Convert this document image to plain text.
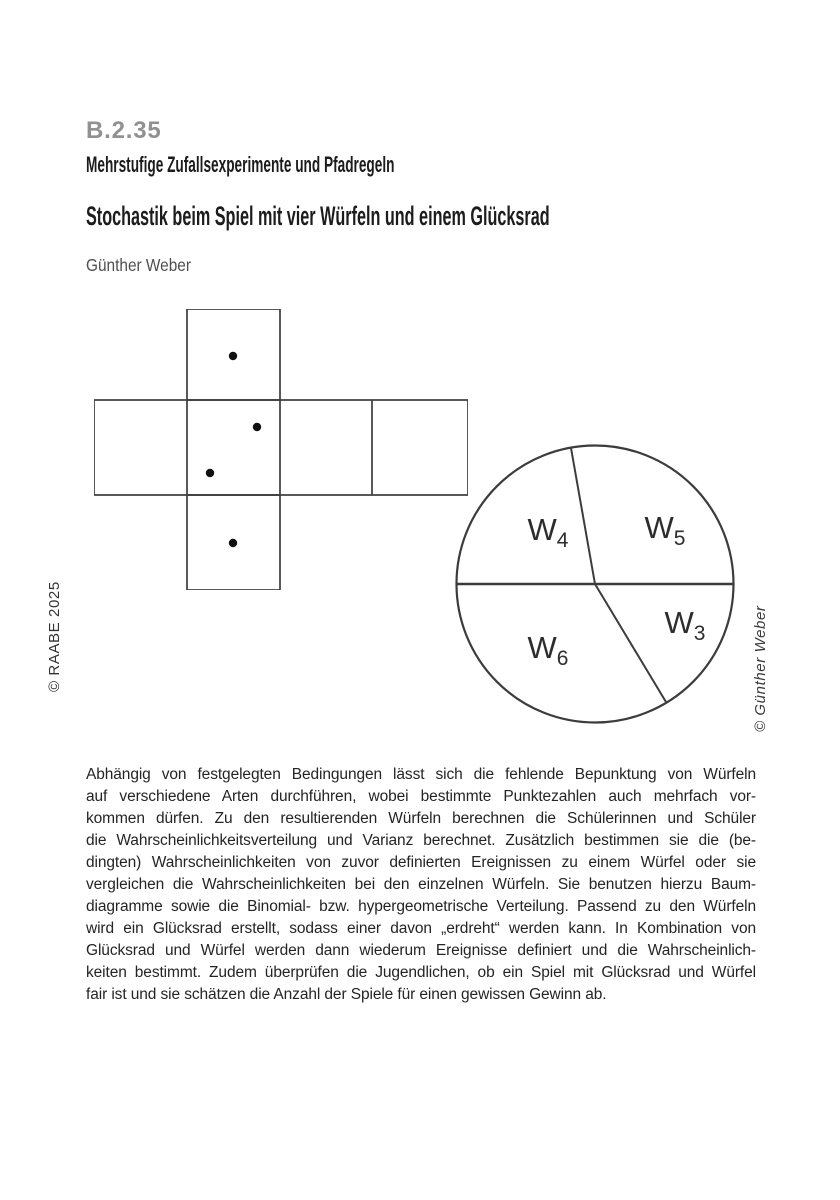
B.2.35
Mehrstufige Zufallsexperimente und Pfadregeln
Stochastik beim Spiel mit vier Würfeln und einem Glücksrad
Günther Weber
$W_4$ $W_5$
$W_3$
$W_6$
© RAABE 2025	© Günther Weber
Abhängig von festgelegten Bedingungen lässt sich die fehlende Bepunktung von Würfeln
auf verschiedene Arten durchführen, wobei bestimmte Punktezahlen auch mehrfach vor-
kommen dürfen. Zu den resultierenden Würfeln berechnen die Schülerinnen und Schüler
die Wahrscheinlichkeitsverteilung und Varianz berechnet. Zusätzlich bestimmen sie die (be-
dingten) Wahrscheinlichkeiten von zuvor definierten Ereignissen zu einem Würfel oder sie
vergleichen die Wahrscheinlichkeiten bei den einzelnen Würfeln. Sie benutzen hierzu Baum-
diagramme sowie die Binomial- bzw. hypergeometrische Verteilung. Passend zu den Würfeln
wird ein Glücksrad erstellt, sodass einer davon „erdreht“ werden kann. In Kombination von
Glücksrad und Würfel werden dann wiederum Ereignisse definiert und die Wahrscheinlich-
keiten bestimmt. Zudem überprüfen die Jugendlichen, ob ein Spiel mit Glücksrad und Würfel
fair ist und sie schätzen die Anzahl der Spiele für einen gewissen Gewinn ab.
